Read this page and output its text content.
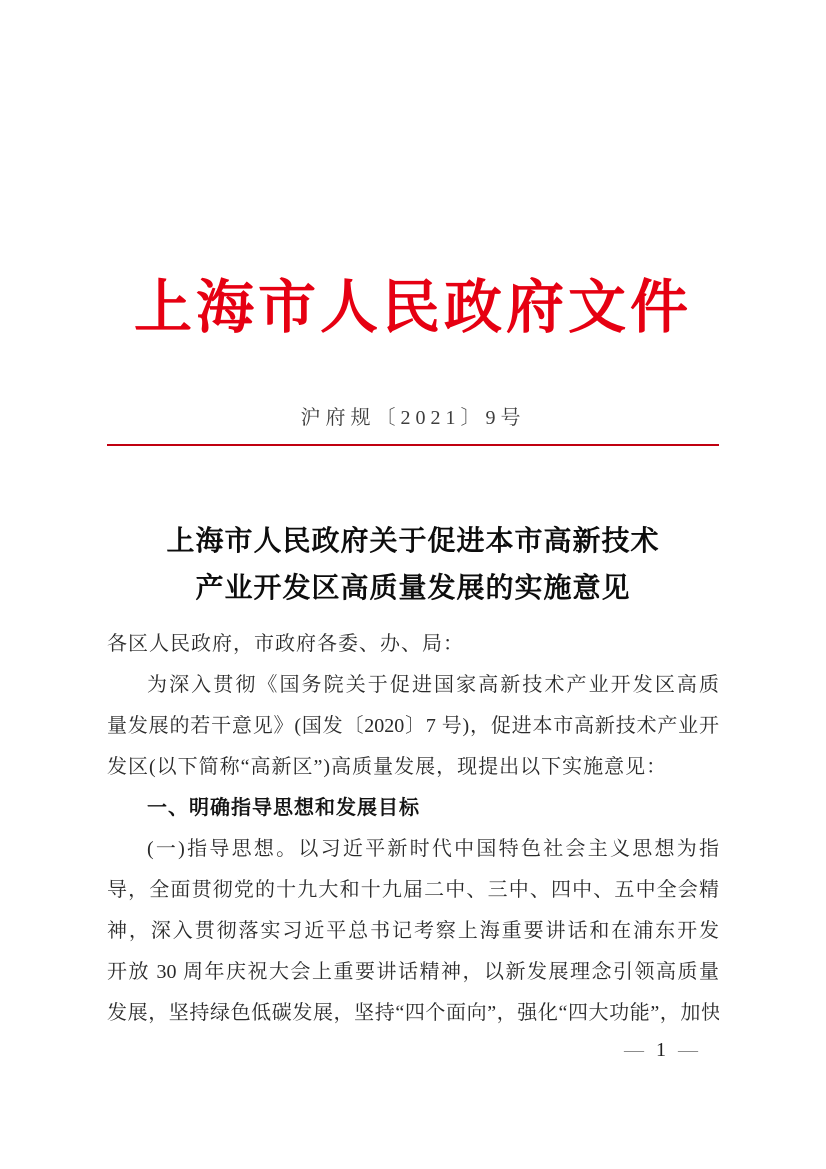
上海市人民政府文件
沪府规〔2021〕9号
上海市人民政府关于促进本市高新技术
产业开发区高质量发展的实施意见
各区人民政府，市政府各委、办、局：
为深入贯彻《国务院关于促进国家高新技术产业开发区高质
量发展的若干意见》(国发〔2020〕7 号)，促进本市高新技术产业开
发区(以下简称“高新区”)高质量发展，现提出以下实施意见：
一、明确指导思想和发展目标
(一)指导思想。以习近平新时代中国特色社会主义思想为指
导，全面贯彻党的十九大和十九届二中、三中、四中、五中全会精
神，深入贯彻落实习近平总书记考察上海重要讲话和在浦东开发
开放 30 周年庆祝大会上重要讲话精神，以新发展理念引领高质量
发展，坚持绿色低碳发展，坚持“四个面向”，强化“四大功能”，加快
— 1 —
